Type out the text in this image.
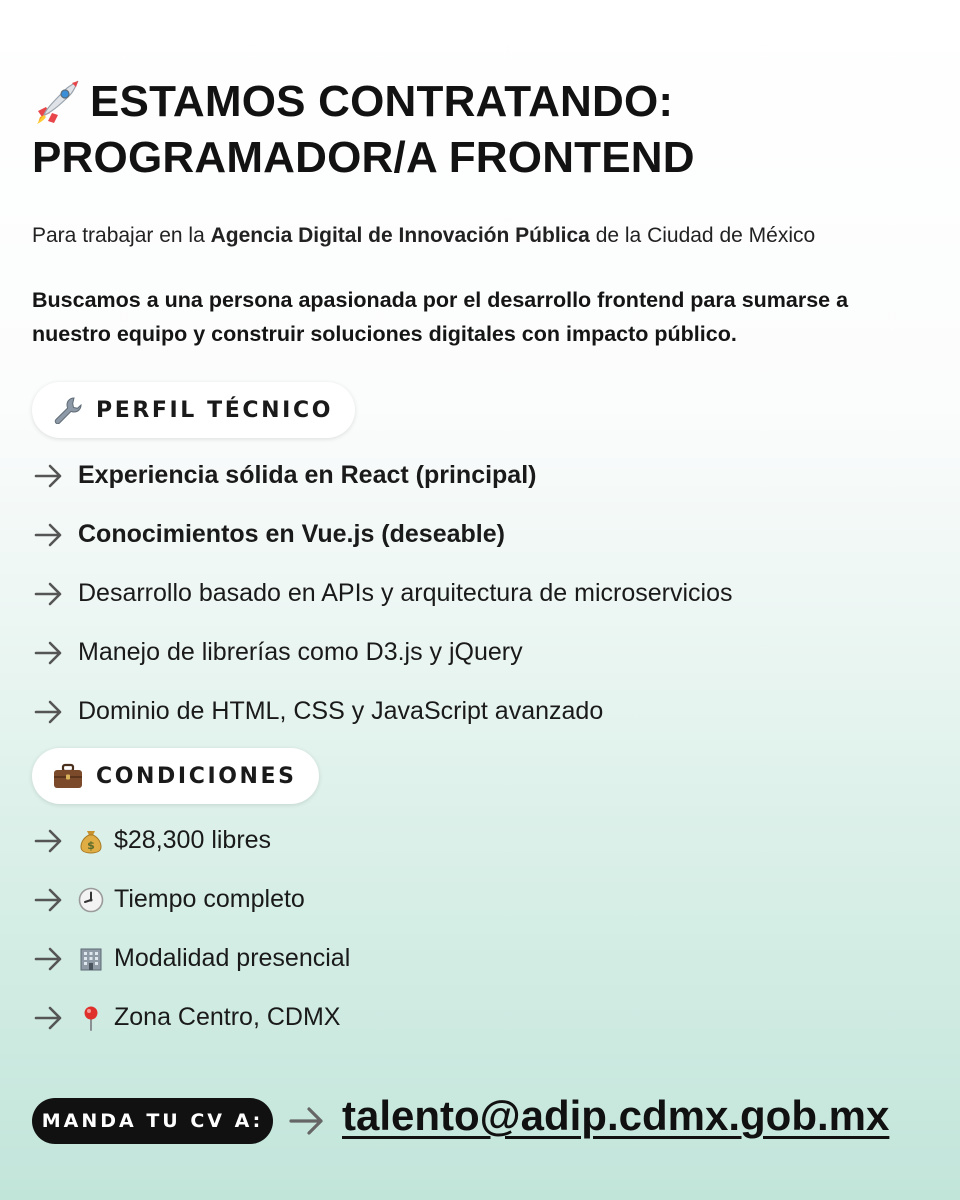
ESTAMOS CONTRATANDO:
PROGRAMADOR/A FRONTEND
Para trabajar en la Agencia Digital de Innovación Pública de la Ciudad de México
Buscamos a una persona apasionada por el desarrollo frontend para sumarse a nuestro equipo y construir soluciones digitales con impacto público.
PERFIL TÉCNICO
Experiencia sólida en React (principal)
Conocimientos en Vue.js (deseable)
Desarrollo basado en APIs y arquitectura de microservicios
Manejo de librerías como D3.js y jQuery
Dominio de HTML, CSS y JavaScript avanzado
CONDICIONES
$ $28,300 libres
Tiempo completo
Modalidad presencial
Zona Centro, CDMX
MANDA TU CV A: talento@adip.cdmx.gob.mx
